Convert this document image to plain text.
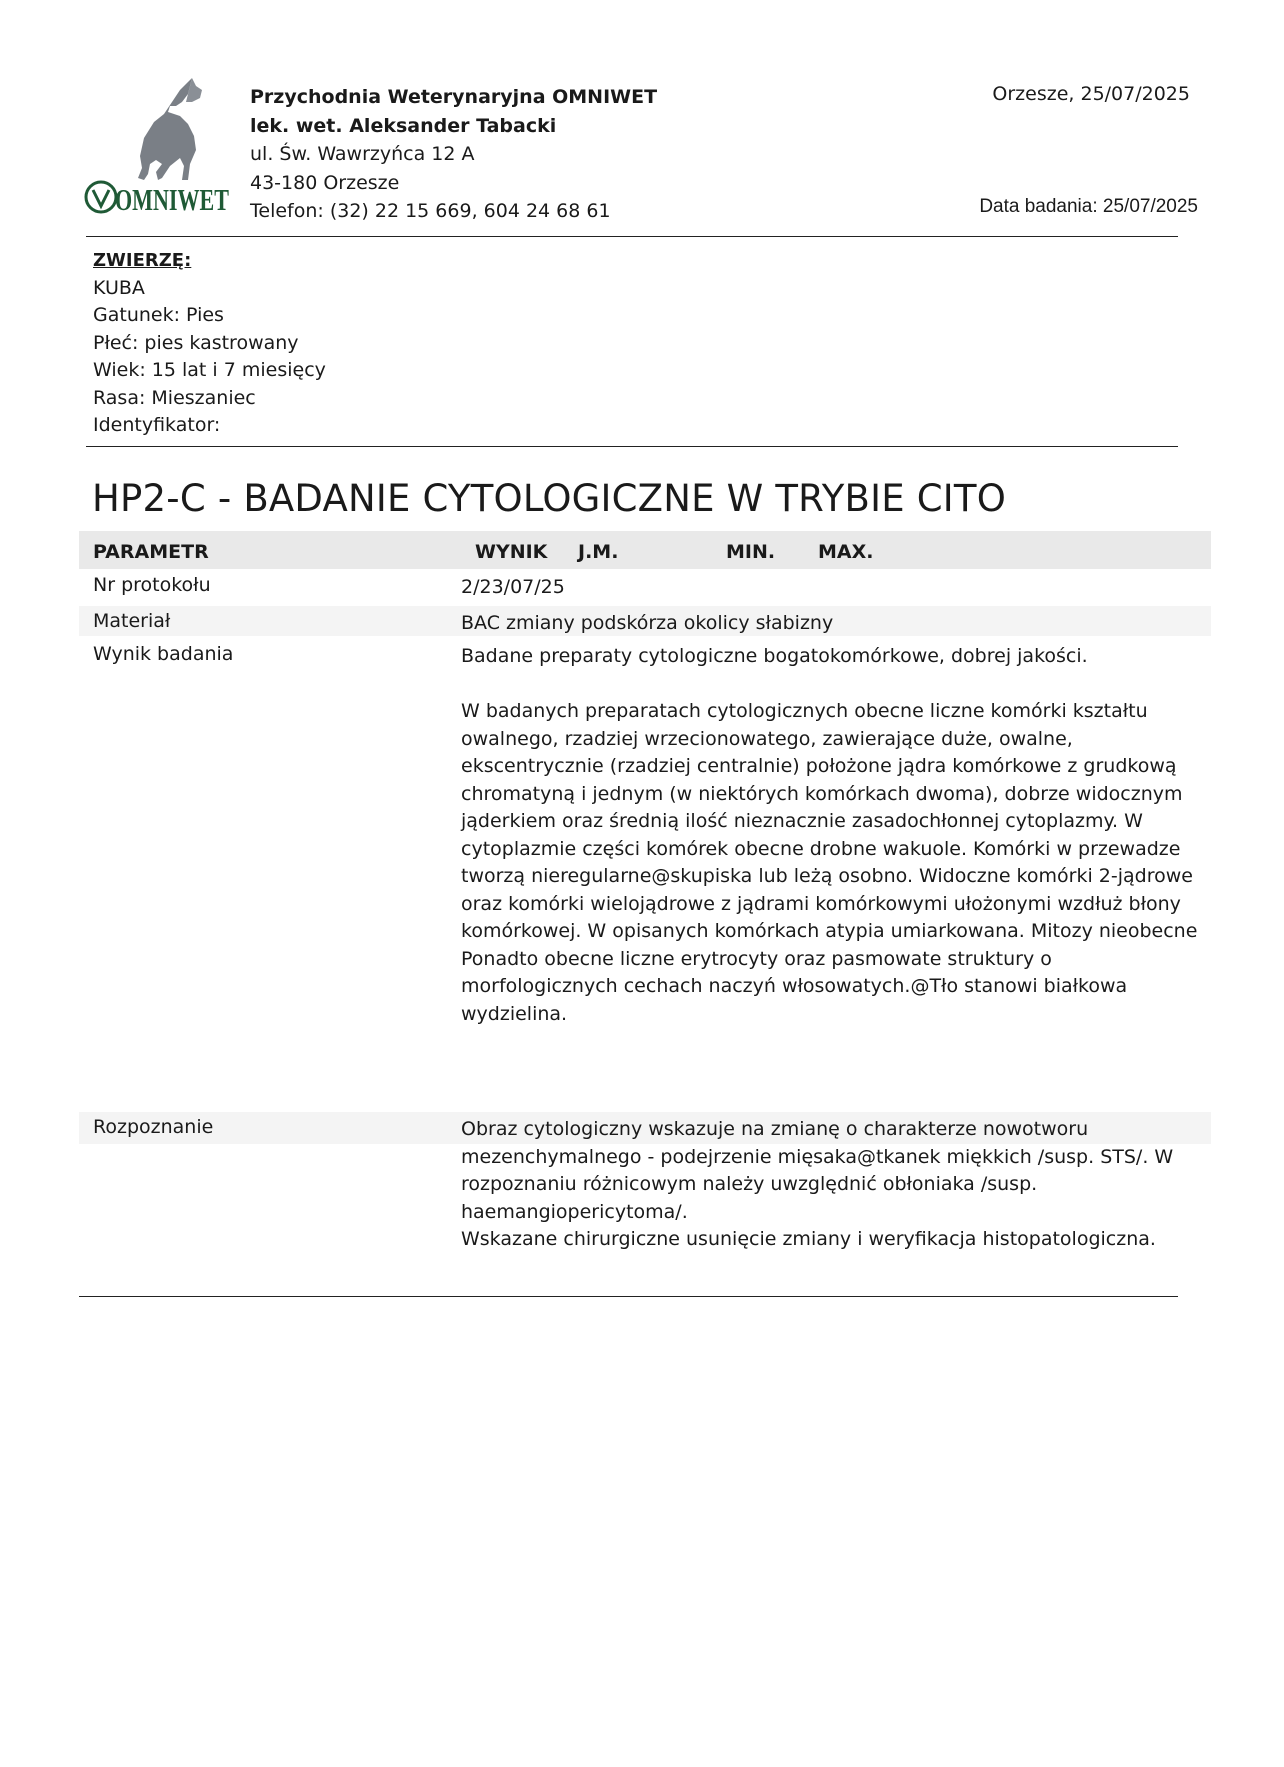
OMNIWET
Przychodnia Weterynaryjna OMNIWET
lek. wet. Aleksander Tabacki
ul. Św. Wawrzyńca 12 A
43-180 Orzesze
Telefon: (32) 22 15 669, 604 24 68 61
Orzesze, 25/07/2025
Data badania: 25/07/2025
ZWIERZĘ:
KUBA
Gatunek: Pies
Płeć: pies kastrowany
Wiek: 15 lat i 7 miesięcy
Rasa: Mieszaniec
Identyfikator:
HP2-C - BADANIE CYTOLOGICZNE W TRYBIE CITO
PARAMETR	WYNIK J.M.	MIN. MAX.
Nr protokołu	2/23/07/25
Materiał	BAC zmiany podskórza okolicy słabizny
Wynik badania	Badane preparaty cytologiczne bogatokomórkowe, dobrej jakości.
W badanych preparatach cytologicznych obecne liczne komórki kształtu
owalnego, rzadziej wrzecionowatego, zawierające duże, owalne,
ekscentrycznie (rzadziej centralnie) położone jądra komórkowe z grudkową
chromatyną i jednym (w niektórych komórkach dwoma), dobrze widocznym
jąderkiem oraz średnią ilość nieznacznie zasadochłonnej cytoplazmy. W
cytoplazmie części komórek obecne drobne wakuole. Komórki w przewadze
tworzą nieregularne@skupiska lub leżą osobno. Widoczne komórki 2-jądrowe
oraz komórki wielojądrowe z jądrami komórkowymi ułożonymi wzdłuż błony
komórkowej. W opisanych komórkach atypia umiarkowana. Mitozy nieobecne
Ponadto obecne liczne erytrocyty oraz pasmowate struktury o
morfologicznych cechach naczyń włosowatych.@Tło stanowi białkowa
wydzielina.
Rozpoznanie	Obraz cytologiczny wskazuje na zmianę o charakterze nowotworu
mezenchymalnego - podejrzenie mięsaka@tkanek miękkich /susp. STS/. W
rozpoznaniu różnicowym należy uwzględnić obłoniaka /susp.
haemangiopericytoma/.
Wskazane chirurgiczne usunięcie zmiany i weryfikacja histopatologiczna.
